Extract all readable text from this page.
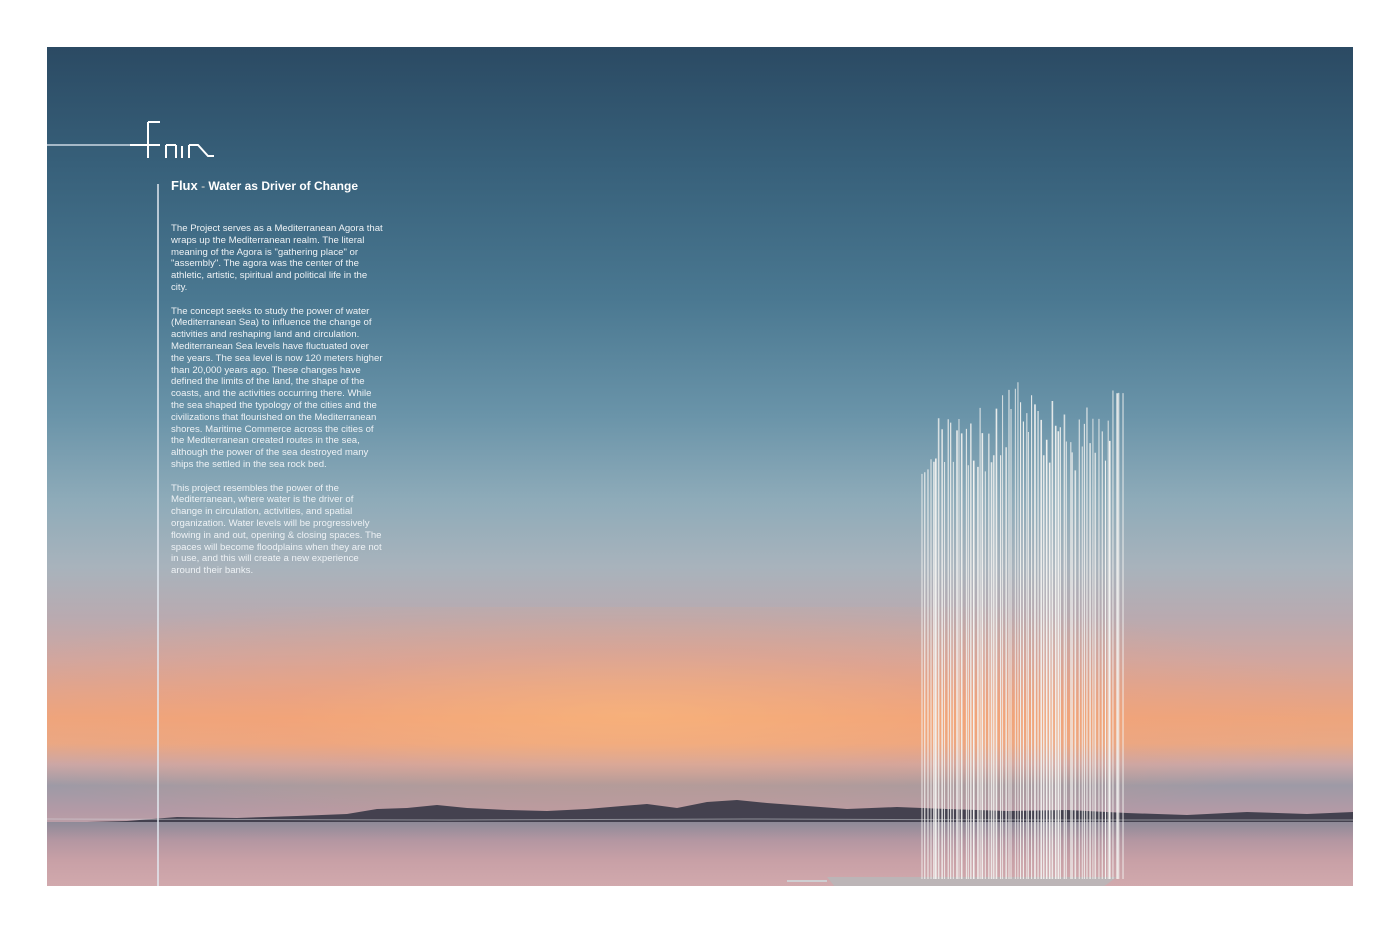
Flux - Water as Driver of Change

The Project serves as a Mediterranean Agora that wraps up the Mediterranean realm. The literal meaning of the Agora is "gathering place" or "assembly". The agora was the center of the athletic, artistic, spiritual and political life in the city.

The concept seeks to study the power of water (Mediterranean Sea) to influence the change of activities and reshaping land and circulation. Mediterranean Sea levels have fluctuated over the years. The sea level is now 120 meters higher than 20,000 years ago. These changes have defined the limits of the land, the shape of the coasts, and the activities occurring there. While the sea shaped the typology of the cities and the civilizations that flourished on the Mediterranean shores. Maritime Commerce across the cities of the Mediterranean created routes in the sea, although the power of the sea destroyed many ships the settled in the sea rock bed.

This project resembles the power of the Mediterranean, where water is the driver of change in circulation, activities, and spatial organization. Water levels will be progressively flowing in and out, opening & closing spaces. The spaces will become floodplains when they are not in use, and this will create a new experience around their banks.
